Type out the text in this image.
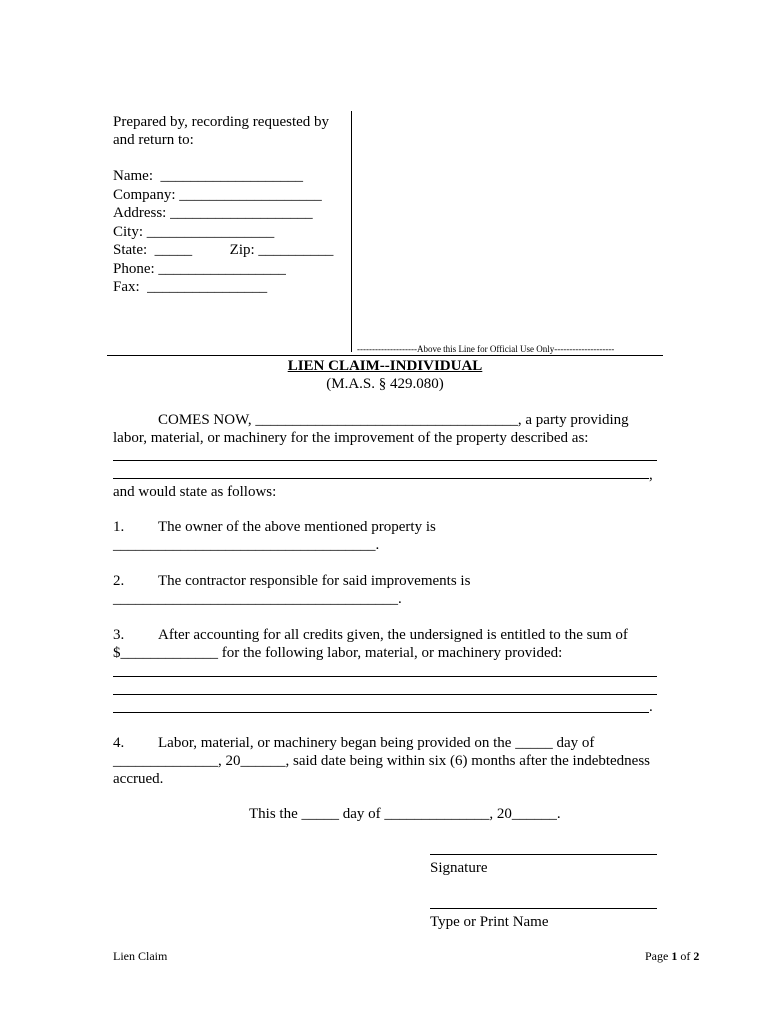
Prepared by, recording requested by
and return to:
Name:  ___________________
Company: ___________________
Address: ___________________
City: _________________
State:  _____          Zip: __________
Phone: _________________
Fax:  ________________
--------------------Above this Line for Official Use Only--------------------
LIEN CLAIM--INDIVIDUAL
(M.A.S. § 429.080)
COMES NOW, ___________________________________, a party providing
labor, material, or machinery for the improvement of the property described as:
,
and would state as follows:
1. The owner of the above mentioned property is
___________________________________.
2. The contractor responsible for said improvements is
______________________________________.
3. After accounting for all credits given, the undersigned is entitled to the sum of
$_____________ for the following labor, material, or machinery provided:
.
4. Labor, material, or machinery began being provided on the _____ day of
______________, 20______, said date being within six (6) months after the indebtedness
accrued.
This the _____ day of ______________, 20______.
Signature
Type or Print Name
Lien Claim	Page 1 of 2
